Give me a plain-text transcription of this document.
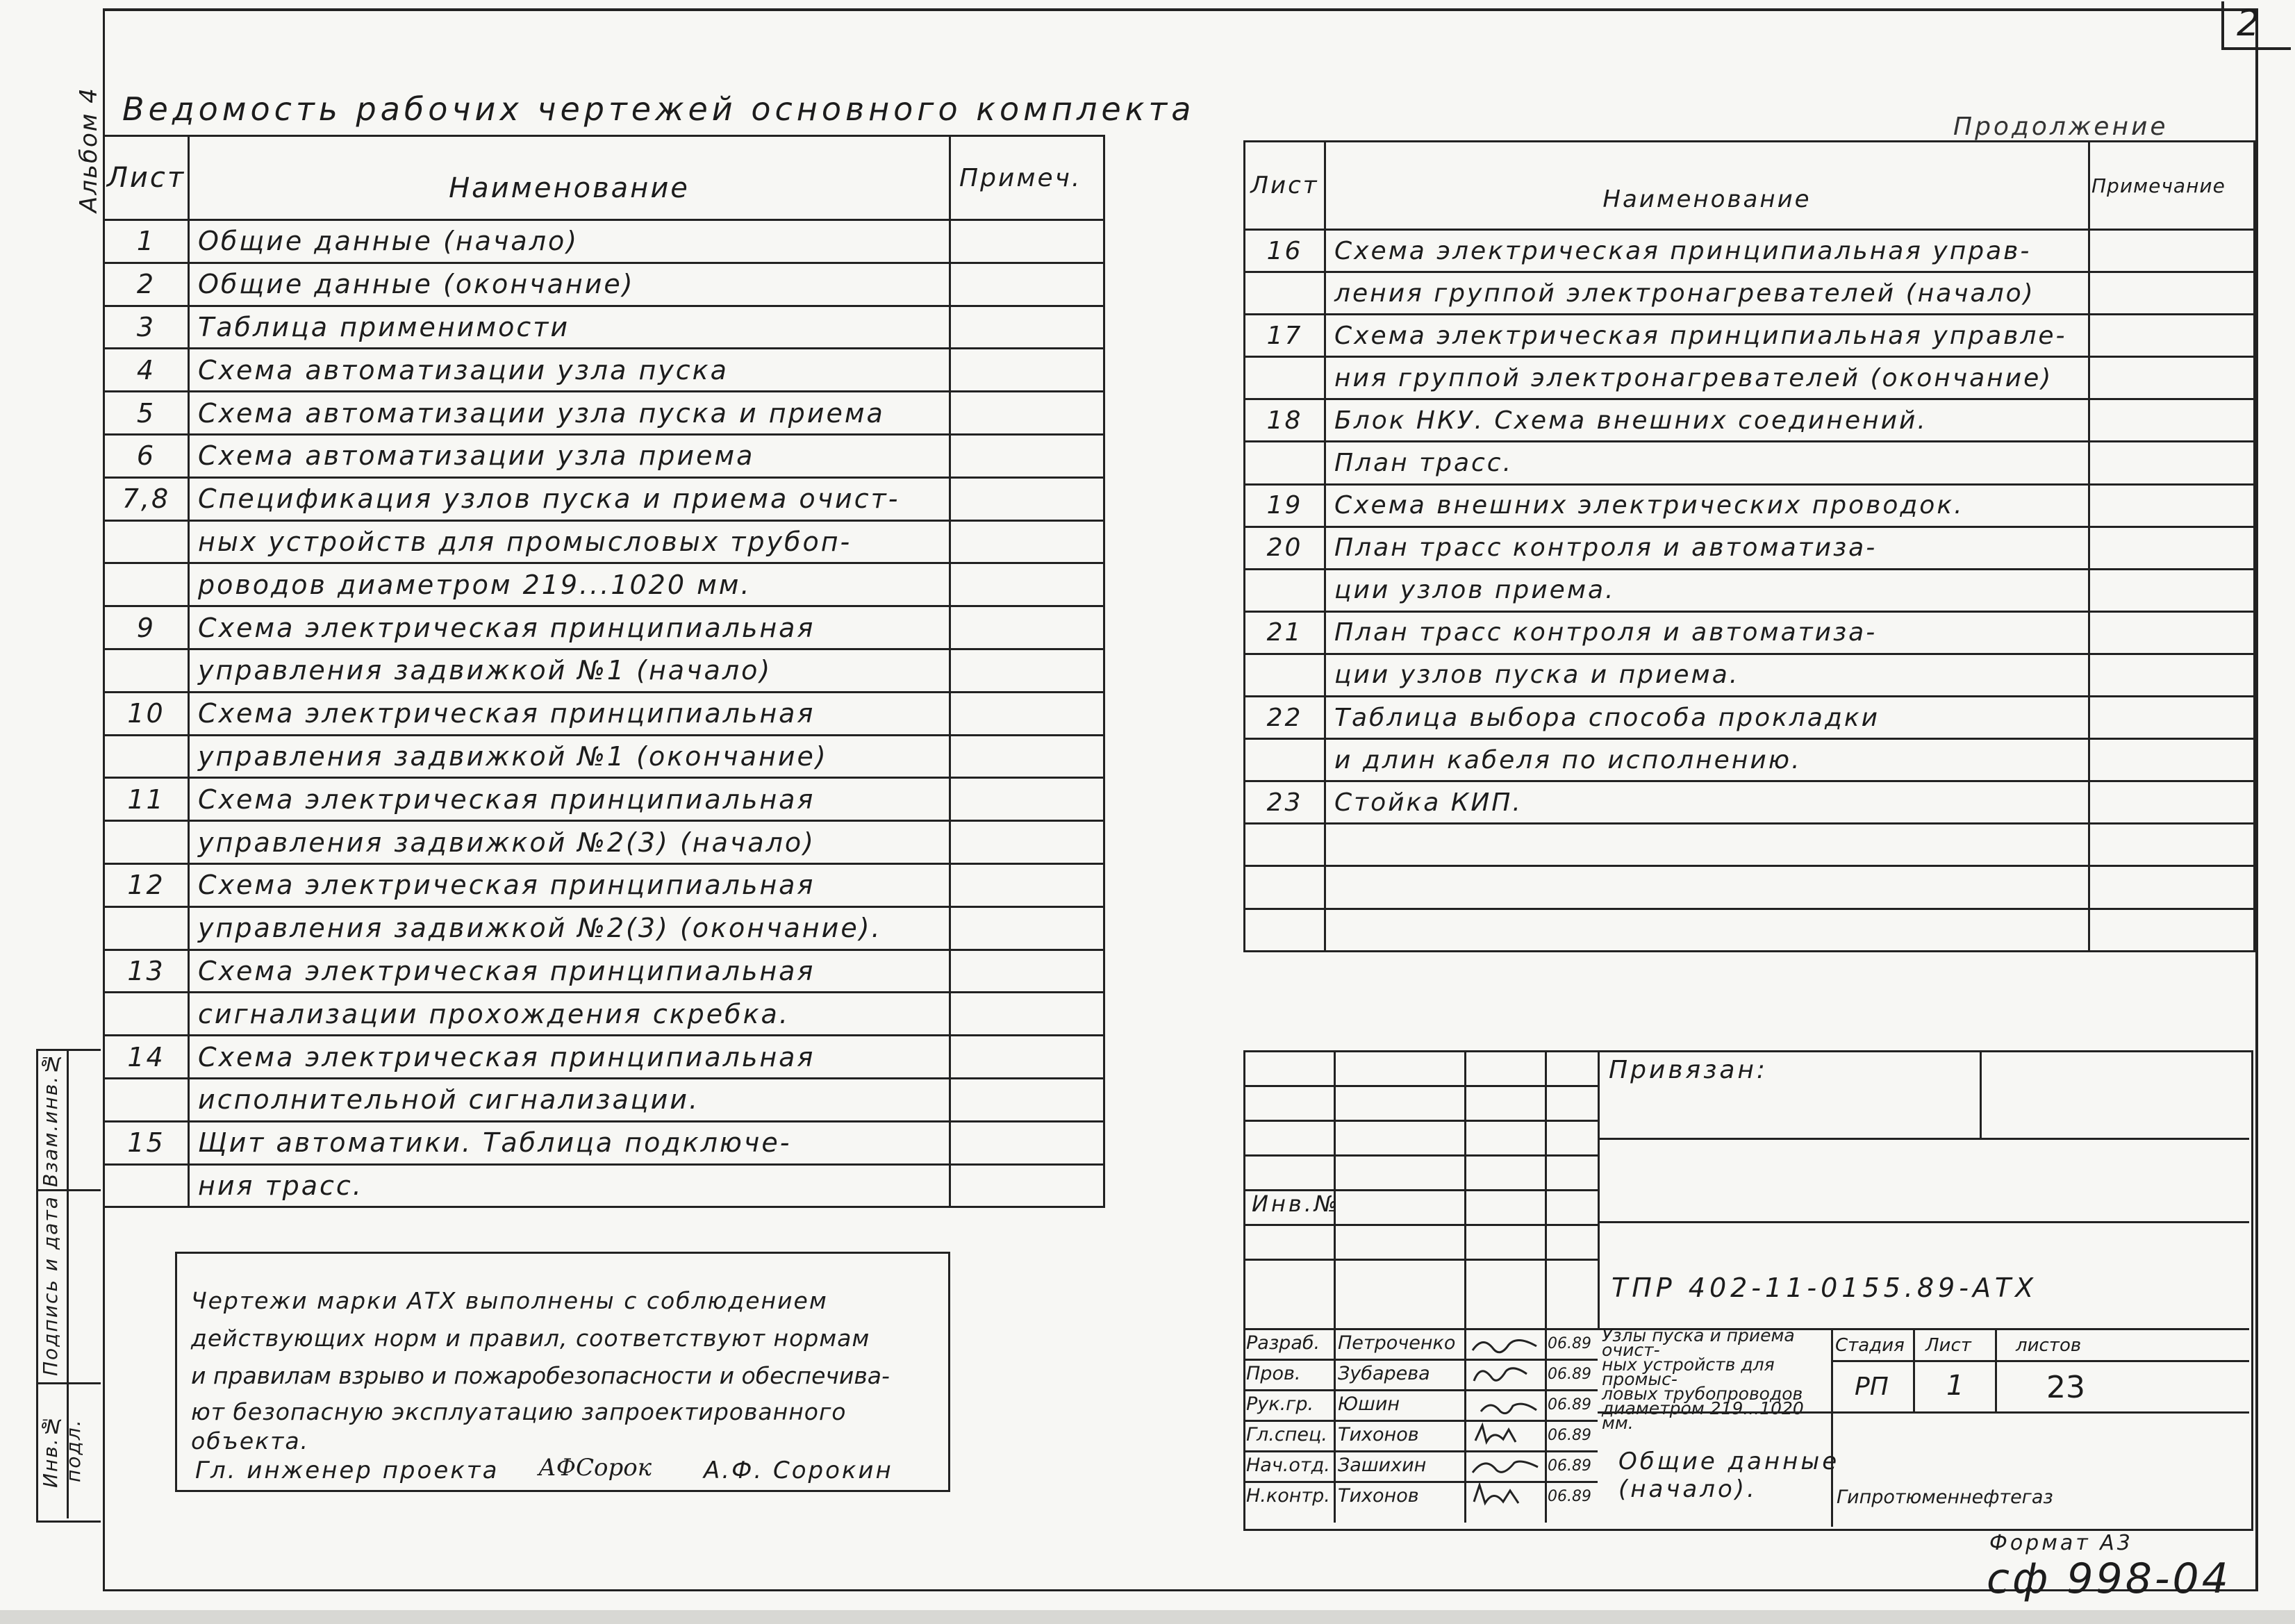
2
Альбом 4 Ведомость рабочих чертежей основного комплекта	Продолжение
Лист	Наименование	Примеч.
1	Общие данные (начало)	
2	Общие данные (окончание)	
3	Таблица применимости	
4	Схема автоматизации узла пуска	
5	Схема автоматизации узла пуска и приема	
6	Схема автоматизации узла приема	
7,8	Спецификация узлов пуска и приема очист-	
	ных устройств для промысловых трубоп-	
	роводов диаметром 219...1020 мм.	
9	Схема электрическая принципиальная	
	управления задвижкой №1 (начало)	
10	Схема электрическая принципиальная	
	управления задвижкой №1 (окончание)	
11	Схема электрическая принципиальная	
	управления задвижкой №2(3) (начало)	
12	Схема электрическая принципиальная	
	управления задвижкой №2(3) (окончание).	
13	Схема электрическая принципиальная	
	сигнализации прохождения скребка.	
14	Схема электрическая принципиальная	
	исполнительной сигнализации.	
15	Щит автоматики. Таблица подключе-	
	ния трасс.	
Лист	Наименование	Примечание
16	Схема электрическая принципиальная управ-	
	ления группой электронагревателей (начало)	
17	Схема электрическая принципиальная управле-	
	ния группой электронагревателей (окончание)	
18	Блок НКУ. Схема внешних соединений.	
	План трасс.	
19	Схема внешних электрических проводок.	
20	План трасс контроля и автоматиза-	
	ции узлов приема.	
21	План трасс контроля и автоматиза-	
	ции узлов пуска и приема.	
22	Таблица выбора способа прокладки	
	и длин кабеля по исполнению.	
23	Стойка КИП.	

Чертежи марки АТХ выполнены с соблюдением
действующих норм и правил, соответствуют нормам
и правилам взрыво и пожаробезопасности и обеспечива-
ют безопасную эксплуатацию запроектированного
объекта.
Гл. инженер проекта АФСорок А.Ф. Сорокин
Взам.инв.№
Подпись и дата
Инв.№ подл.
Привязан:
Инв.№
ТПР 402-11-0155.89-АТХ
Разраб. Петроченко	06.89
Пров. Зубарева	06.89
Рук.гр. Юшин	06.89
Гл.спец. Тихонов	06.89
Нач.отд. Зашихин	06.89
Н.контр. Тихонов	06.89
Узлы пуска и приема очист-
ных устройств для промыс-
ловых трубопроводов
диаметром 219...1020 мм.
Стадия Лист листов
РП 1	23
Общие данные
(начало).	Гипротюменнефтегаз
Формат А3
сф 998-04
